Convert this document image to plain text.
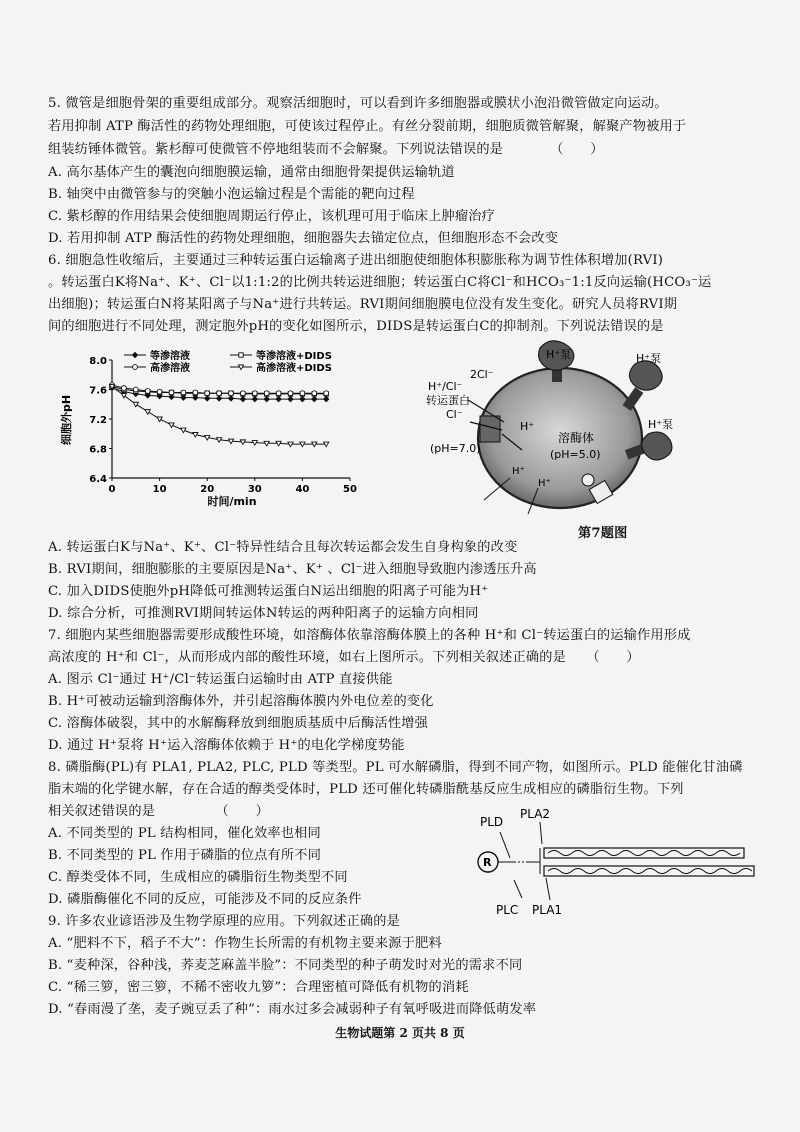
5. 微管是细胞骨架的重要组成部分。观察活细胞时，可以看到许多细胞器或膜状小泡沿微管做定向运动。
若用抑制 ATP 酶活性的药物处理细胞，可使该过程停止。有丝分裂前期，细胞质微管解聚，解聚产物被用于
组装纺锤体微管。紫杉醇可使微管不停地组装而不会解聚。下列说法错误的是　　　　（　　）
A. 高尔基体产生的囊泡向细胞膜运输，通常由细胞骨架提供运输轨道
B. 轴突中由微管参与的突触小泡运输过程是个需能的靶向过程
C. 紫杉醇的作用结果会使细胞周期运行停止，该机理可用于临床上肿瘤治疗
D. 若用抑制 ATP 酶活性的药物处理细胞，细胞器失去锚定位点，但细胞形态不会改变
6. 细胞急性收缩后，主要通过三种转运蛋白运输离子进出细胞使细胞体积膨胀称为调节性体积增加(RVI)
。转运蛋白K将Na⁺、K⁺、Cl⁻以1:1:2的比例共转运进细胞；转运蛋白C将Cl⁻和HCO₃⁻1:1反向运输(HCO₃⁻运
出细胞)；转运蛋白N将某阳离子与Na⁺进行共转运。RVI期间细胞膜电位没有发生变化。研究人员将RVI期
间的细胞进行不同处理，测定胞外pH的变化如图所示，DIDS是转运蛋白C的抑制剂。下列说法错误的是
6.4
6.8
7.2
7.6
8.0
0	10	20	30	40	50
等渗溶液	等渗溶液+DIDS
高渗溶液	高渗溶液+DIDS
细胞外pH
时间/min
H⁺泵	H⁺泵
H⁺泵
2Cl⁻
H⁺/Cl⁻
转运蛋白
Cl⁻
H⁺
溶酶体
(pH=5.0)
(pH=7.0)
H⁺
H⁺
第7题图
A. 转运蛋白K与Na⁺、K⁺、Cl⁻特异性结合且每次转运都会发生自身构象的改变
B. RVI期间，细胞膨胀的主要原因是Na⁺、K⁺ 、Cl⁻进入细胞导致胞内渗透压升高
C. 加入DIDS使胞外pH降低可推测转运蛋白N运出细胞的阳离子可能为H⁺
D. 综合分析，可推测RVI期间转运体N转运的两种阳离子的运输方向相同
7. 细胞内某些细胞器需要形成酸性环境，如溶酶体依靠溶酶体膜上的各种 H⁺和 Cl⁻转运蛋白的运输作用形成
高浓度的 H⁺和 Cl⁻，从而形成内部的酸性环境，如右上图所示。下列相关叙述正确的是　　（　　）
A. 图示 Cl⁻通过 H⁺/Cl⁻转运蛋白运输时由 ATP 直接供能
B. H⁺可被动运输到溶酶体外，并引起溶酶体膜内外电位差的变化
C. 溶酶体破裂，其中的水解酶释放到细胞质基质中后酶活性增强
D. 通过 H⁺泵将 H⁺运入溶酶体依赖于 H⁺的电化学梯度势能
8. 磷脂酶(PL)有 PLA1, PLA2, PLC, PLD 等类型。PL 可水解磷脂，得到不同产物，如图所示。PLD 能催化甘油磷
脂末端的化学键水解，存在合适的醇类受体时，PLD 还可催化转磷脂酰基反应生成相应的磷脂衍生物。下列
相关叙述错误的是　　　　　（　　）
A. 不同类型的 PL 结构相同，催化效率也相同
B. 不同类型的 PL 作用于磷脂的位点有所不同
C. 醇类受体不同，生成相应的磷脂衍生物类型不同
D. 磷脂酶催化不同的反应，可能涉及不同的反应条件
PLD
PLA2
PLC PLA1
R
9. 许多农业谚语涉及生物学原理的应用。下列叙述正确的是
A. “肥料不下，稻子不大”：作物生长所需的有机物主要来源于肥料
B. “麦种深，谷种浅，荞麦芝麻盖半脸”：不同类型的种子萌发时对光的需求不同
C. “稀三箩，密三箩，不稀不密收九箩”：合理密植可降低有机物的消耗
D. “春雨漫了垄，麦子豌豆丢了种”：雨水过多会减弱种子有氧呼吸进而降低萌发率
生物试题第 2 页共 8 页
